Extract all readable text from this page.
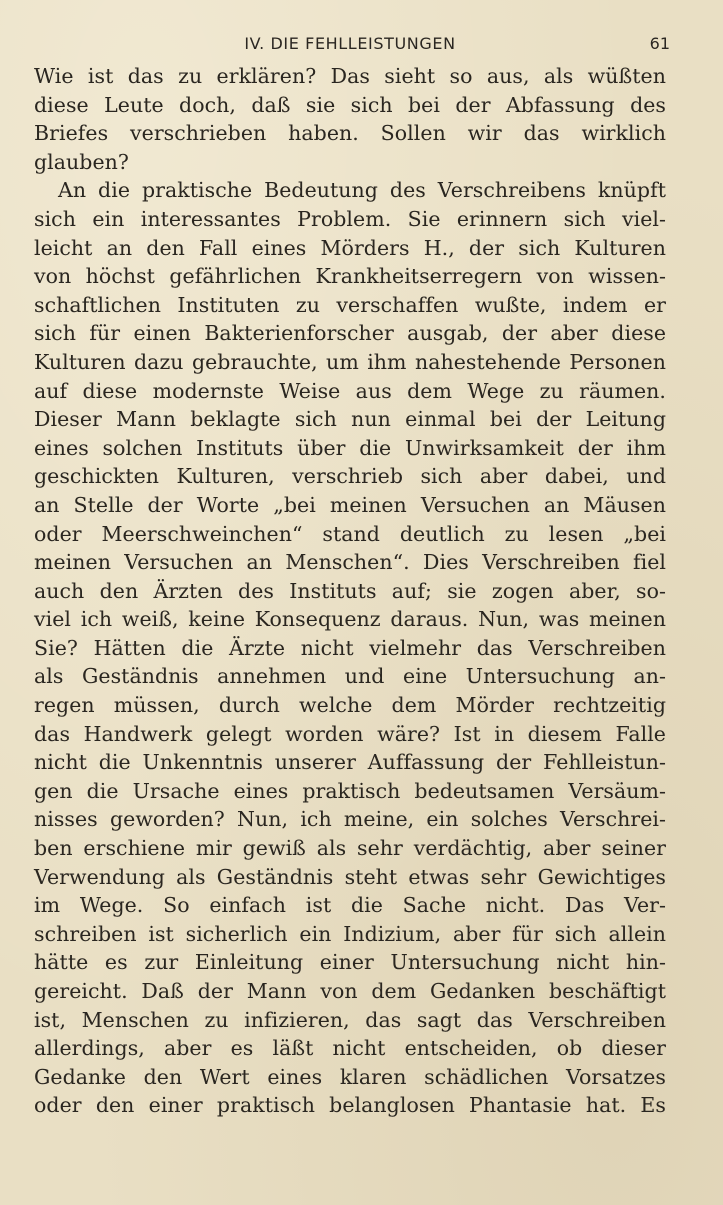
IV. DIE FEHLLEISTUNGEN	61
Wie ist das zu erklären? Das sieht so aus, als wüßten
diese Leute doch, daß sie sich bei der Abfassung des
Briefes verschrieben haben. Sollen wir das wirklich
glauben?
An die praktische Bedeutung des Verschreibens knüpft
sich ein interessantes Problem. Sie erinnern sich viel-
leicht an den Fall eines Mörders H., der sich Kulturen
von höchst gefährlichen Krankheitserregern von wissen-
schaftlichen Instituten zu verschaffen wußte, indem er
sich für einen Bakterienforscher ausgab, der aber diese
Kulturen dazu gebrauchte, um ihm nahestehende Personen
auf diese modernste Weise aus dem Wege zu räumen.
Dieser Mann beklagte sich nun einmal bei der Leitung
eines solchen Instituts über die Unwirksamkeit der ihm
geschickten Kulturen, verschrieb sich aber dabei, und
an Stelle der Worte „bei meinen Versuchen an Mäusen
oder Meerschweinchen“ stand deutlich zu lesen „bei
meinen Versuchen an Menschen“. Dies Verschreiben fiel
auch den Ärzten des Instituts auf; sie zogen aber, so-
viel ich weiß, keine Konsequenz daraus. Nun, was meinen
Sie? Hätten die Ärzte nicht vielmehr das Verschreiben
als Geständnis annehmen und eine Untersuchung an-
regen müssen, durch welche dem Mörder rechtzeitig
das Handwerk gelegt worden wäre? Ist in diesem Falle
nicht die Unkenntnis unserer Auffassung der Fehlleistun-
gen die Ursache eines praktisch bedeutsamen Versäum-
nisses geworden? Nun, ich meine, ein solches Verschrei-
ben erschiene mir gewiß als sehr verdächtig, aber seiner
Verwendung als Geständnis steht etwas sehr Gewichtiges
im Wege. So einfach ist die Sache nicht. Das Ver-
schreiben ist sicherlich ein Indizium, aber für sich allein
hätte es zur Einleitung einer Untersuchung nicht hin-
gereicht. Daß der Mann von dem Gedanken beschäftigt
ist, Menschen zu infizieren, das sagt das Verschreiben
allerdings, aber es läßt nicht entscheiden, ob dieser
Gedanke den Wert eines klaren schädlichen Vorsatzes
oder den einer praktisch belanglosen Phantasie hat. Es
